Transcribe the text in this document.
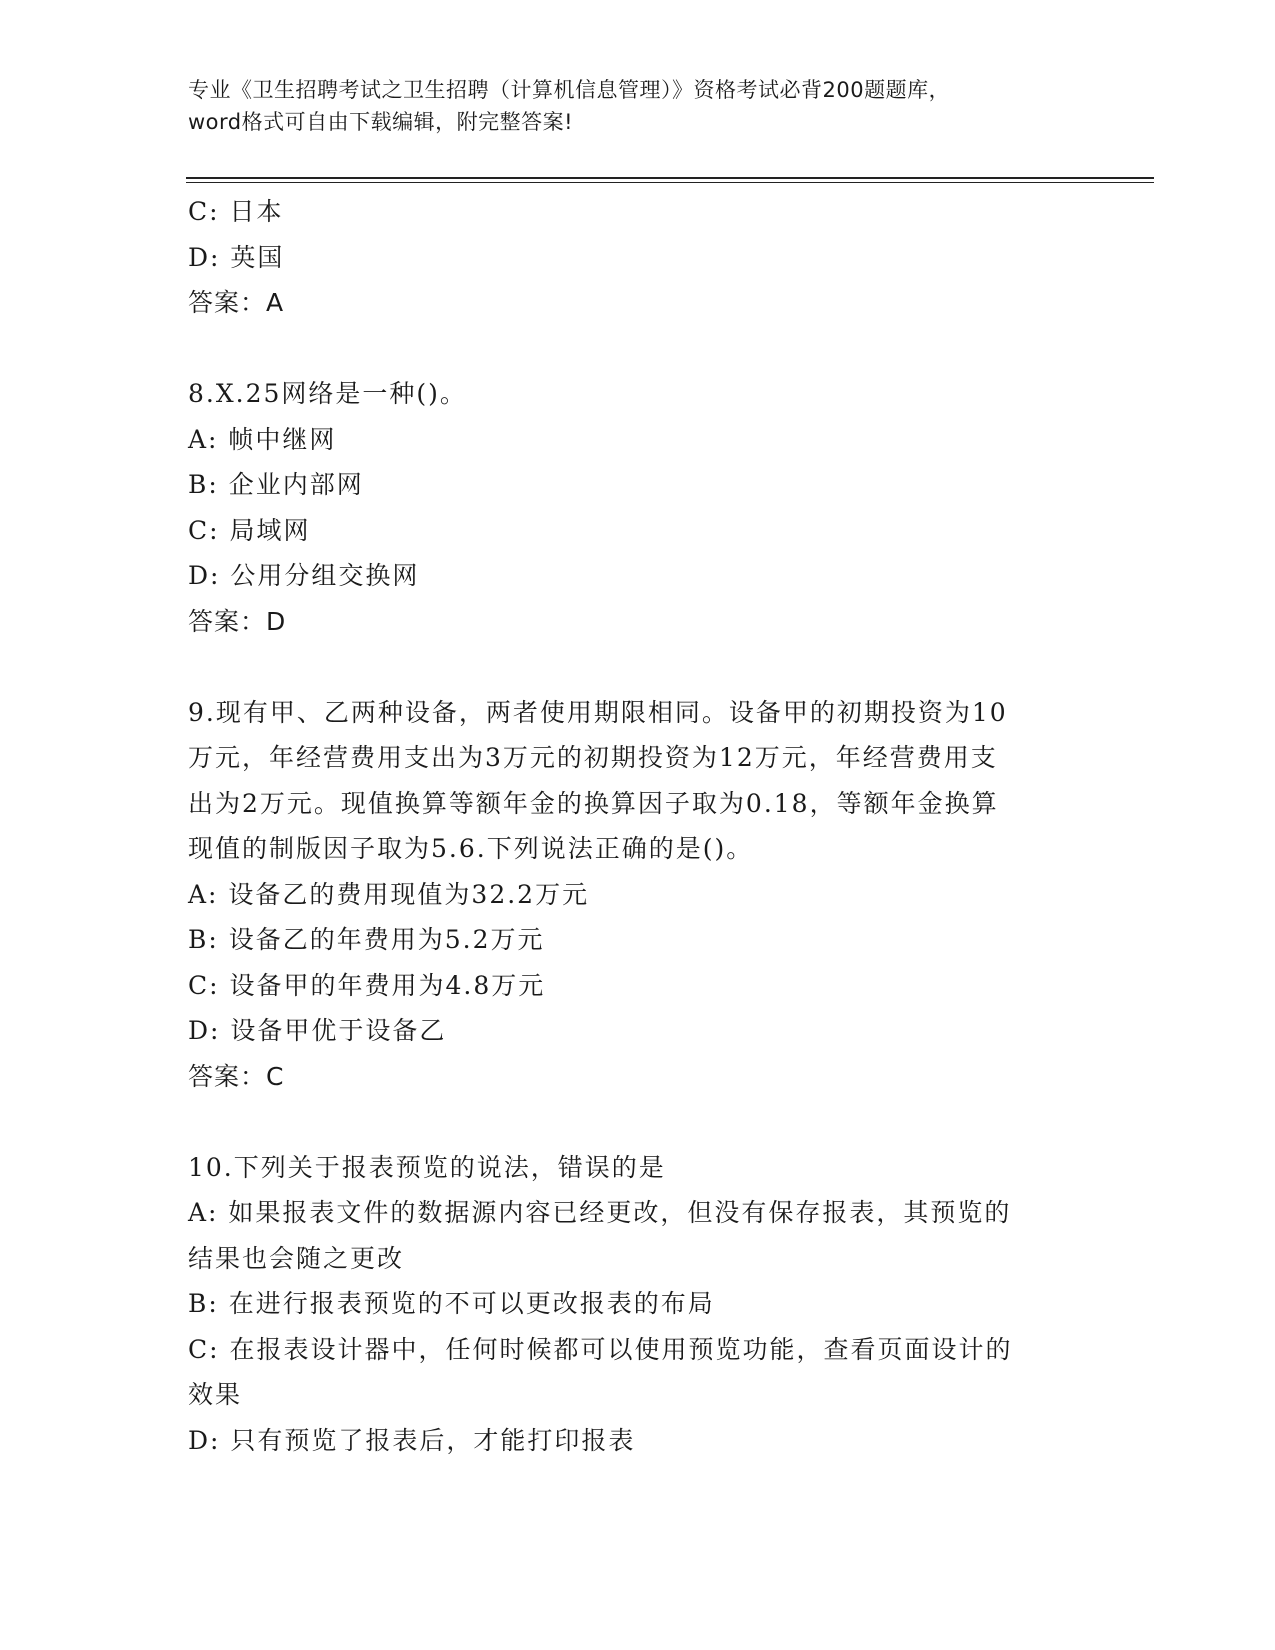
专业《卫生招聘考试之卫生招聘（计算机信息管理）》资格考试必背200题题库，
word格式可自由下载编辑，附完整答案!
C: 日本
D: 英国
答案：A
8.X.25网络是一种()。
A: 帧中继网
B: 企业内部网
C: 局域网
D: 公用分组交换网
答案：D
9.现有甲、乙两种设备，两者使用期限相同。设备甲的初期投资为10
万元，年经营费用支出为3万元的初期投资为12万元，年经营费用支
出为2万元。现值换算等额年金的换算因子取为0.18，等额年金换算
现值的制版因子取为5.6.下列说法正确的是()。
A: 设备乙的费用现值为32.2万元
B: 设备乙的年费用为5.2万元
C: 设备甲的年费用为4.8万元
D: 设备甲优于设备乙
答案：C
10.下列关于报表预览的说法，错误的是
A: 如果报表文件的数据源内容已经更改，但没有保存报表，其预览的
结果也会随之更改
B: 在进行报表预览的不可以更改报表的布局
C: 在报表设计器中，任何时候都可以使用预览功能，查看页面设计的
效果
D: 只有预览了报表后，才能打印报表
